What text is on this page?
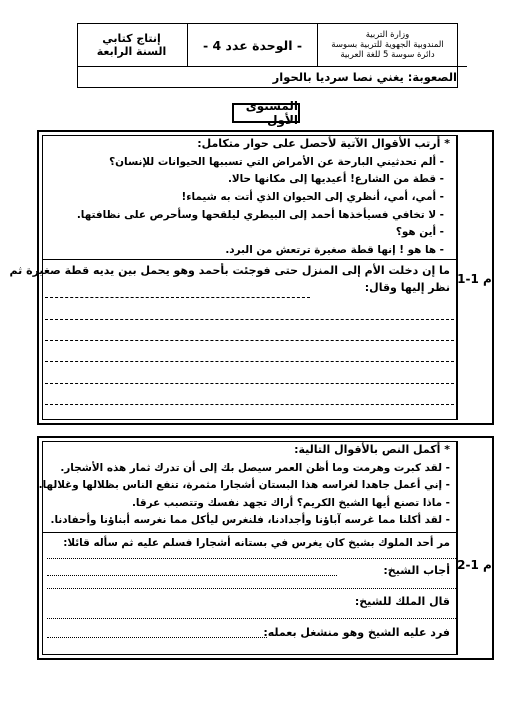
وزارة التربية
المندوبية الجهوية للتربية بسوسة
دائرة سوسة 5 للغة العربية
- الوحدة عدد 4 -
إنتاج كتابي
السنة الرابعة
الصعوبة: يغني نصا سرديا بالحوار
المستوى الأول
م 1-1
* أرتب الأقوال الآتية لأحصل على حوار متكامل:
- ألم تحدثيني البارحة عن الأمراض التي تسببها الحيوانات للإنسان؟
- قطة من الشارع! أعيديها إلى مكانها حالا.
- أمي، أمي، أنظري إلى الحيوان الذي أتت به شيماء!
- لا تخافي فسيأخذها أحمد إلى البيطري ليلقحها وسأحرص على نظافتها.
- أين هو؟
- ها هو ! إنها قطة صغيرة ترتعش من البرد.
ما إن دخلت الأم إلى المنزل حتى فوجئت بأحمد وهو يحمل بين يديه قطة صغيرة ثم
نظر إليها وقال:
م 1-2
* أكمل النص بالأقوال التالية:
- لقد كبرت وهرمت وما أظن العمر سيصل بك إلى أن تدرك ثمار هذه الأشجار.
- إني أعمل جاهدا لغراسه هذا البستان أشجارا مثمرة، تنفع الناس بظلالها وغلالها.
- ماذا تصنع أيها الشيخ الكريم؟ أراك تجهد نفسك وتتصبب عرقا.
- لقد أكلنا مما غرسه آباؤنا وأجدادنا، فلنغرس ليأكل مما نغرسه أبناؤنا وأحفادنا.
مر أحد الملوك بشيخ كان يغرس في بستانه أشجارا فسلم عليه ثم سأله قائلا:
أجاب الشيخ:
قال الملك للشيخ:
فرد عليه الشيخ وهو منشغل بعمله:
